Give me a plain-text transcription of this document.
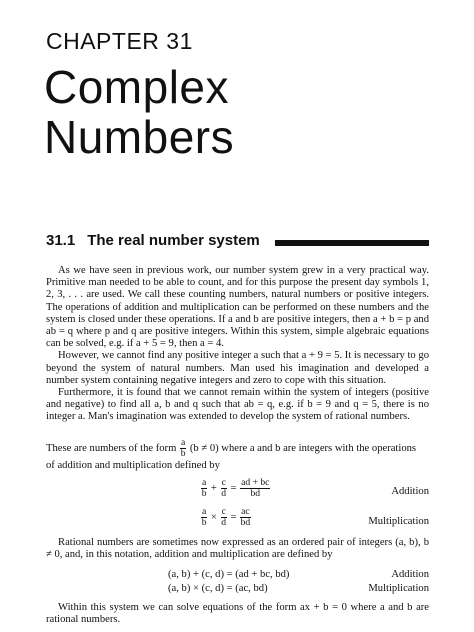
CHAPTER 31
Complex
Numbers
31.1 The real number system

As we have seen in previous work, our number system grew in a very practical way. Primitive man needed to be able to count, and for this purpose the present day symbols 1, 2, 3, . . . are used. We call these counting numbers, natural numbers or positive integers. The operations of addition and multiplication can be performed on these numbers and the system is closed under these operations. If a and b are positive integers, then a + b = p and ab = q where p and q are positive integers. Within this system, simple algebraic equations can be solved, e.g. if a + 5 = 9, then a = 4.

However, we cannot find any positive integer a such that a + 9 = 5. It is necessary to go beyond the system of natural numbers. Man used his imagination and developed a number system containing negative integers and zero to cope with this situation.

Furthermore, it is found that we cannot remain within the system of integers (positive and negative) to find all a, b and q such that ab = q, e.g. if b = 9 and q = 5, there is no integer a. Man's imagination was extended to develop the system of rational numbers.

These are numbers of the form $\frac{a}{b} (b \ne 0)$ where a and b are integers with the operations
of addition and multiplication defined by
$\frac{a}{b} + \frac{c}{d} = \frac{ad + bc}{bd}$	Addition
$\frac{a}{b} \times \frac{c}{d} = \frac{ac}{bd}$	Multiplication

Rational numbers are sometimes now expressed as an ordered pair of integers (a, b), b ≠ 0, and, in this notation, addition and multiplication are defined by

(a, b) + (c, d) = (ad + bc, bd)	Addition
(a, b) × (c, d) = (ac, bd)	Multiplication

Within this system we can solve equations of the form ax + b = 0 where a and b are rational numbers.
